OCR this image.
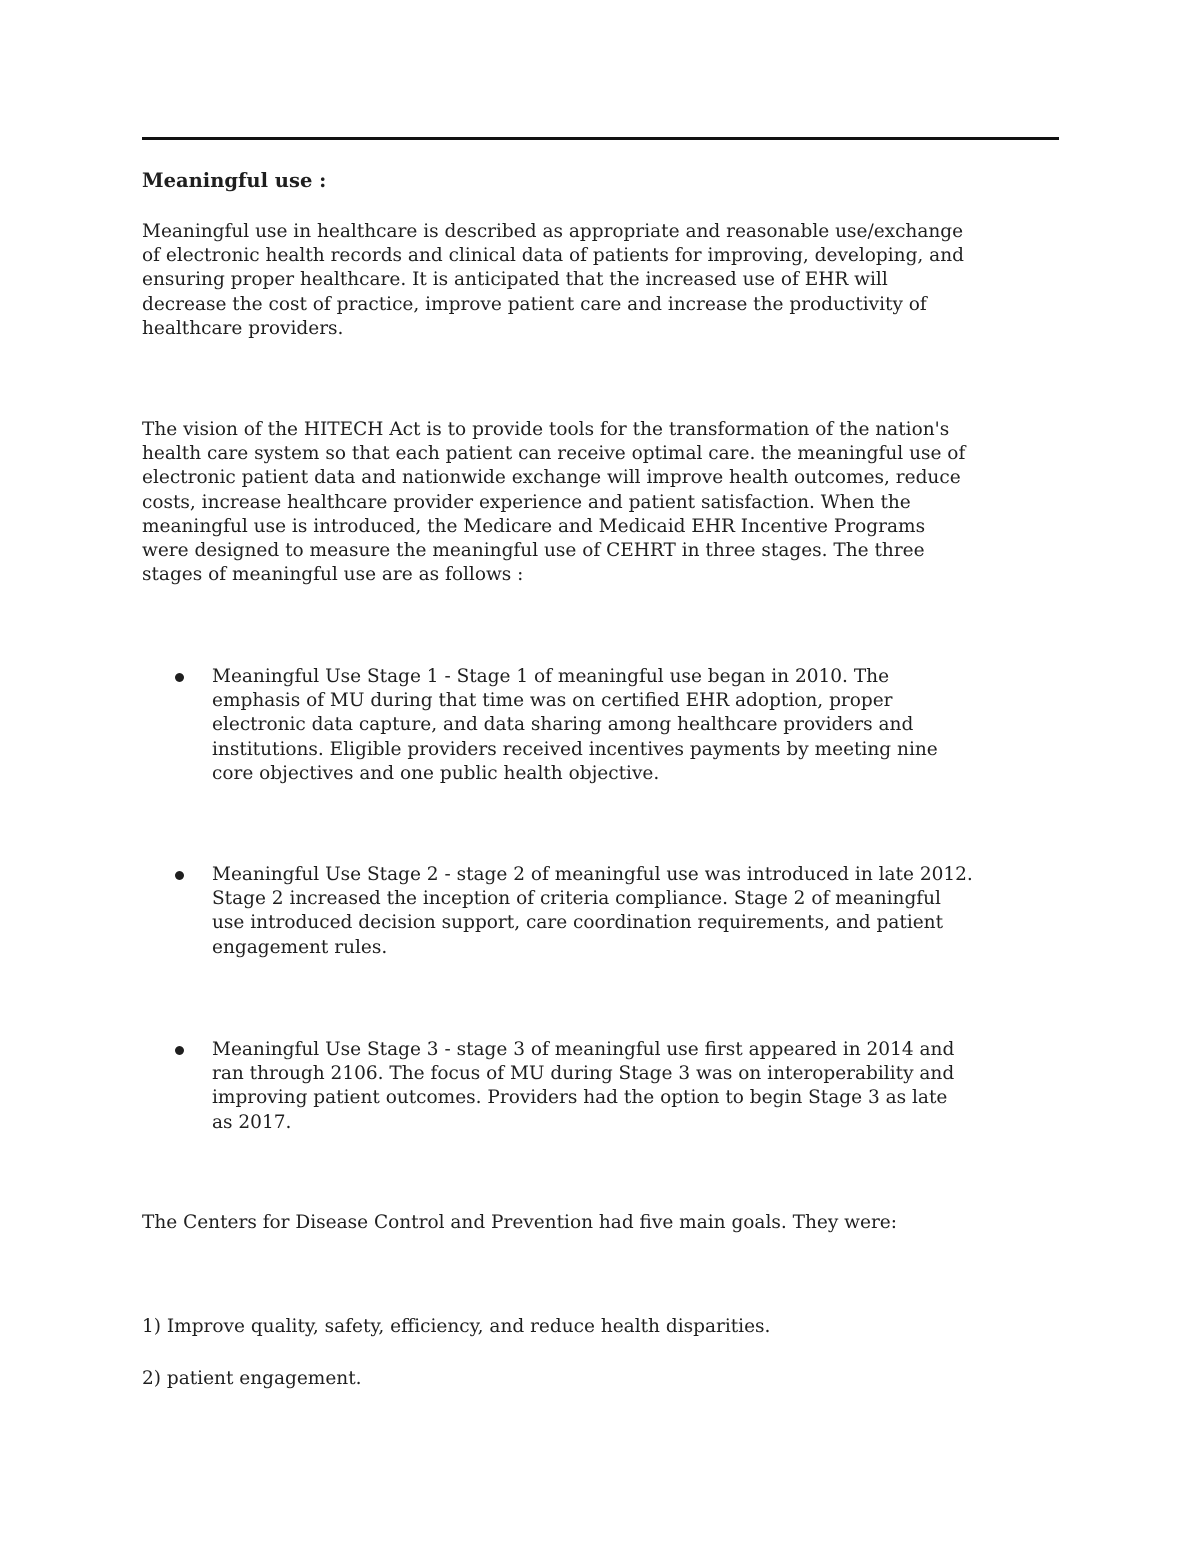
Meaningful use :
Meaningful use in healthcare is described as appropriate and reasonable use/exchange
of electronic health records and clinical data of patients for improving, developing, and
ensuring proper healthcare. It is anticipated that the increased use of EHR will
decrease the cost of practice, improve patient care and increase the productivity of
healthcare providers.
The vision of the HITECH Act is to provide tools for the transformation of the nation's
health care system so that each patient can receive optimal care. the meaningful use of
electronic patient data and nationwide exchange will improve health outcomes, reduce
costs, increase healthcare provider experience and patient satisfaction. When the
meaningful use is introduced, the Medicare and Medicaid EHR Incentive Programs
were designed to measure the meaningful use of CEHRT in three stages. The three
stages of meaningful use are as follows :
Meaningful Use Stage 1 - Stage 1 of meaningful use began in 2010. The
emphasis of MU during that time was on certified EHR adoption, proper
electronic data capture, and data sharing among healthcare providers and
institutions. Eligible providers received incentives payments by meeting nine
core objectives and one public health objective.
Meaningful Use Stage 2 - stage 2 of meaningful use was introduced in late 2012.
Stage 2 increased the inception of criteria compliance. Stage 2 of meaningful
use introduced decision support, care coordination requirements, and patient
engagement rules.
Meaningful Use Stage 3 - stage 3 of meaningful use first appeared in 2014 and
ran through 2106. The focus of MU during Stage 3 was on interoperability and
improving patient outcomes. Providers had the option to begin Stage 3 as late
as 2017.
The Centers for Disease Control and Prevention had five main goals. They were:
1) Improve quality, safety, efficiency, and reduce health disparities.
2) patient engagement.
